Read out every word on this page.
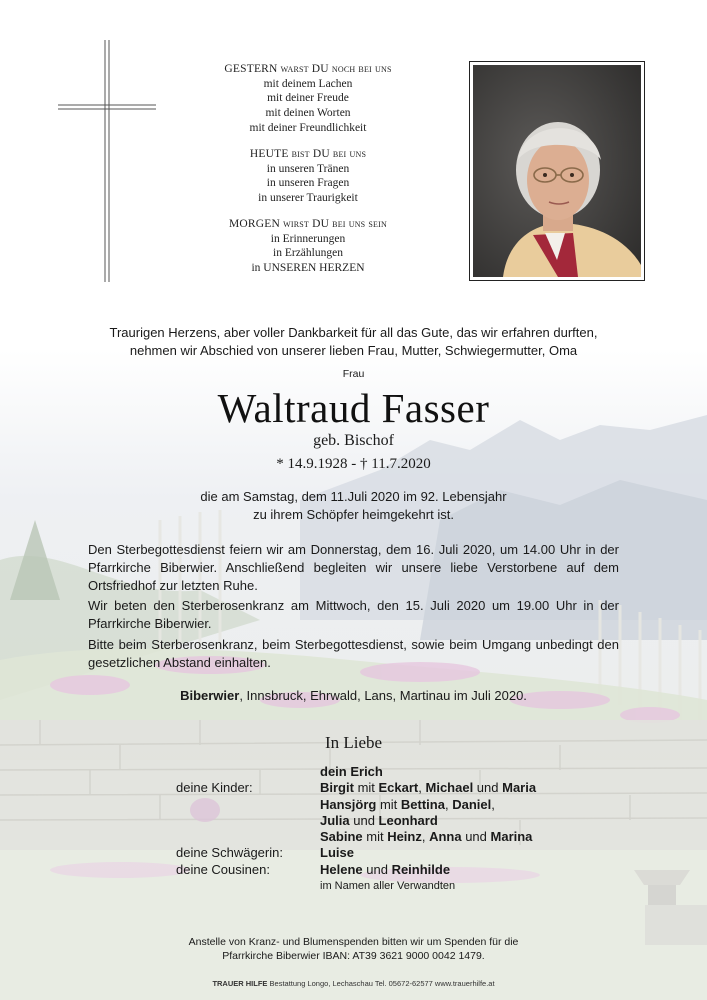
GESTERN warst DU noch bei uns
mit deinem Lachen
mit deiner Freude
mit deinen Worten
mit deiner Freundlichkeit
HEUTE bist DU bei uns
in unseren Tränen
in unseren Fragen
in unserer Traurigkeit
MORGEN wirst DU bei uns sein
in Erinnerungen
in Erzählungen
in UNSEREN HERZEN
Traurigen Herzens, aber voller Dankbarkeit für all das Gute, das wir erfahren durften,
nehmen wir Abschied von unserer lieben Frau, Mutter, Schwiegermutter, Oma
Frau
Waltraud Fasser
geb. Bischof
* 14.9.1928 - † 11.7.2020
die am Samstag, dem 11.Juli 2020 im 92. Lebensjahr
zu ihrem Schöpfer heimgekehrt ist.
Den Sterbegottesdienst feiern wir am Donnerstag, dem 16. Juli 2020, um 14.00 Uhr in der Pfarrkirche Biberwier. Anschließend begleiten wir unsere liebe Verstorbene auf dem Ortsfriedhof zur letzten Ruhe.
Wir beten den Sterberosenkranz am Mittwoch, den 15. Juli 2020 um 19.00 Uhr in der Pfarrkirche Biberwier.
Bitte beim Sterberosenkranz, beim Sterbegottesdienst, sowie beim Umgang unbedingt den gesetzlichen Abstand einhalten.
Biberwier, Innsbruck, Ehrwald, Lans, Martinau im Juli 2020.
In Liebe
dein Erich
deine Kinder:	Birgit mit Eckart, Michael und Maria
Hansjörg mit Bettina, Daniel,
Julia und Leonhard
Sabine mit Heinz, Anna und Marina
deine Schwägerin:	Luise
deine Cousinen:	Helene und Reinhilde
im Namen aller Verwandten
Anstelle von Kranz- und Blumenspenden bitten wir um Spenden für die
Pfarrkirche Biberwier IBAN: AT39 3621 9000 0042 1479.
TRAUER HILFE Bestattung Longo, Lechaschau Tel. 05672-62577 www.trauerhilfe.at
